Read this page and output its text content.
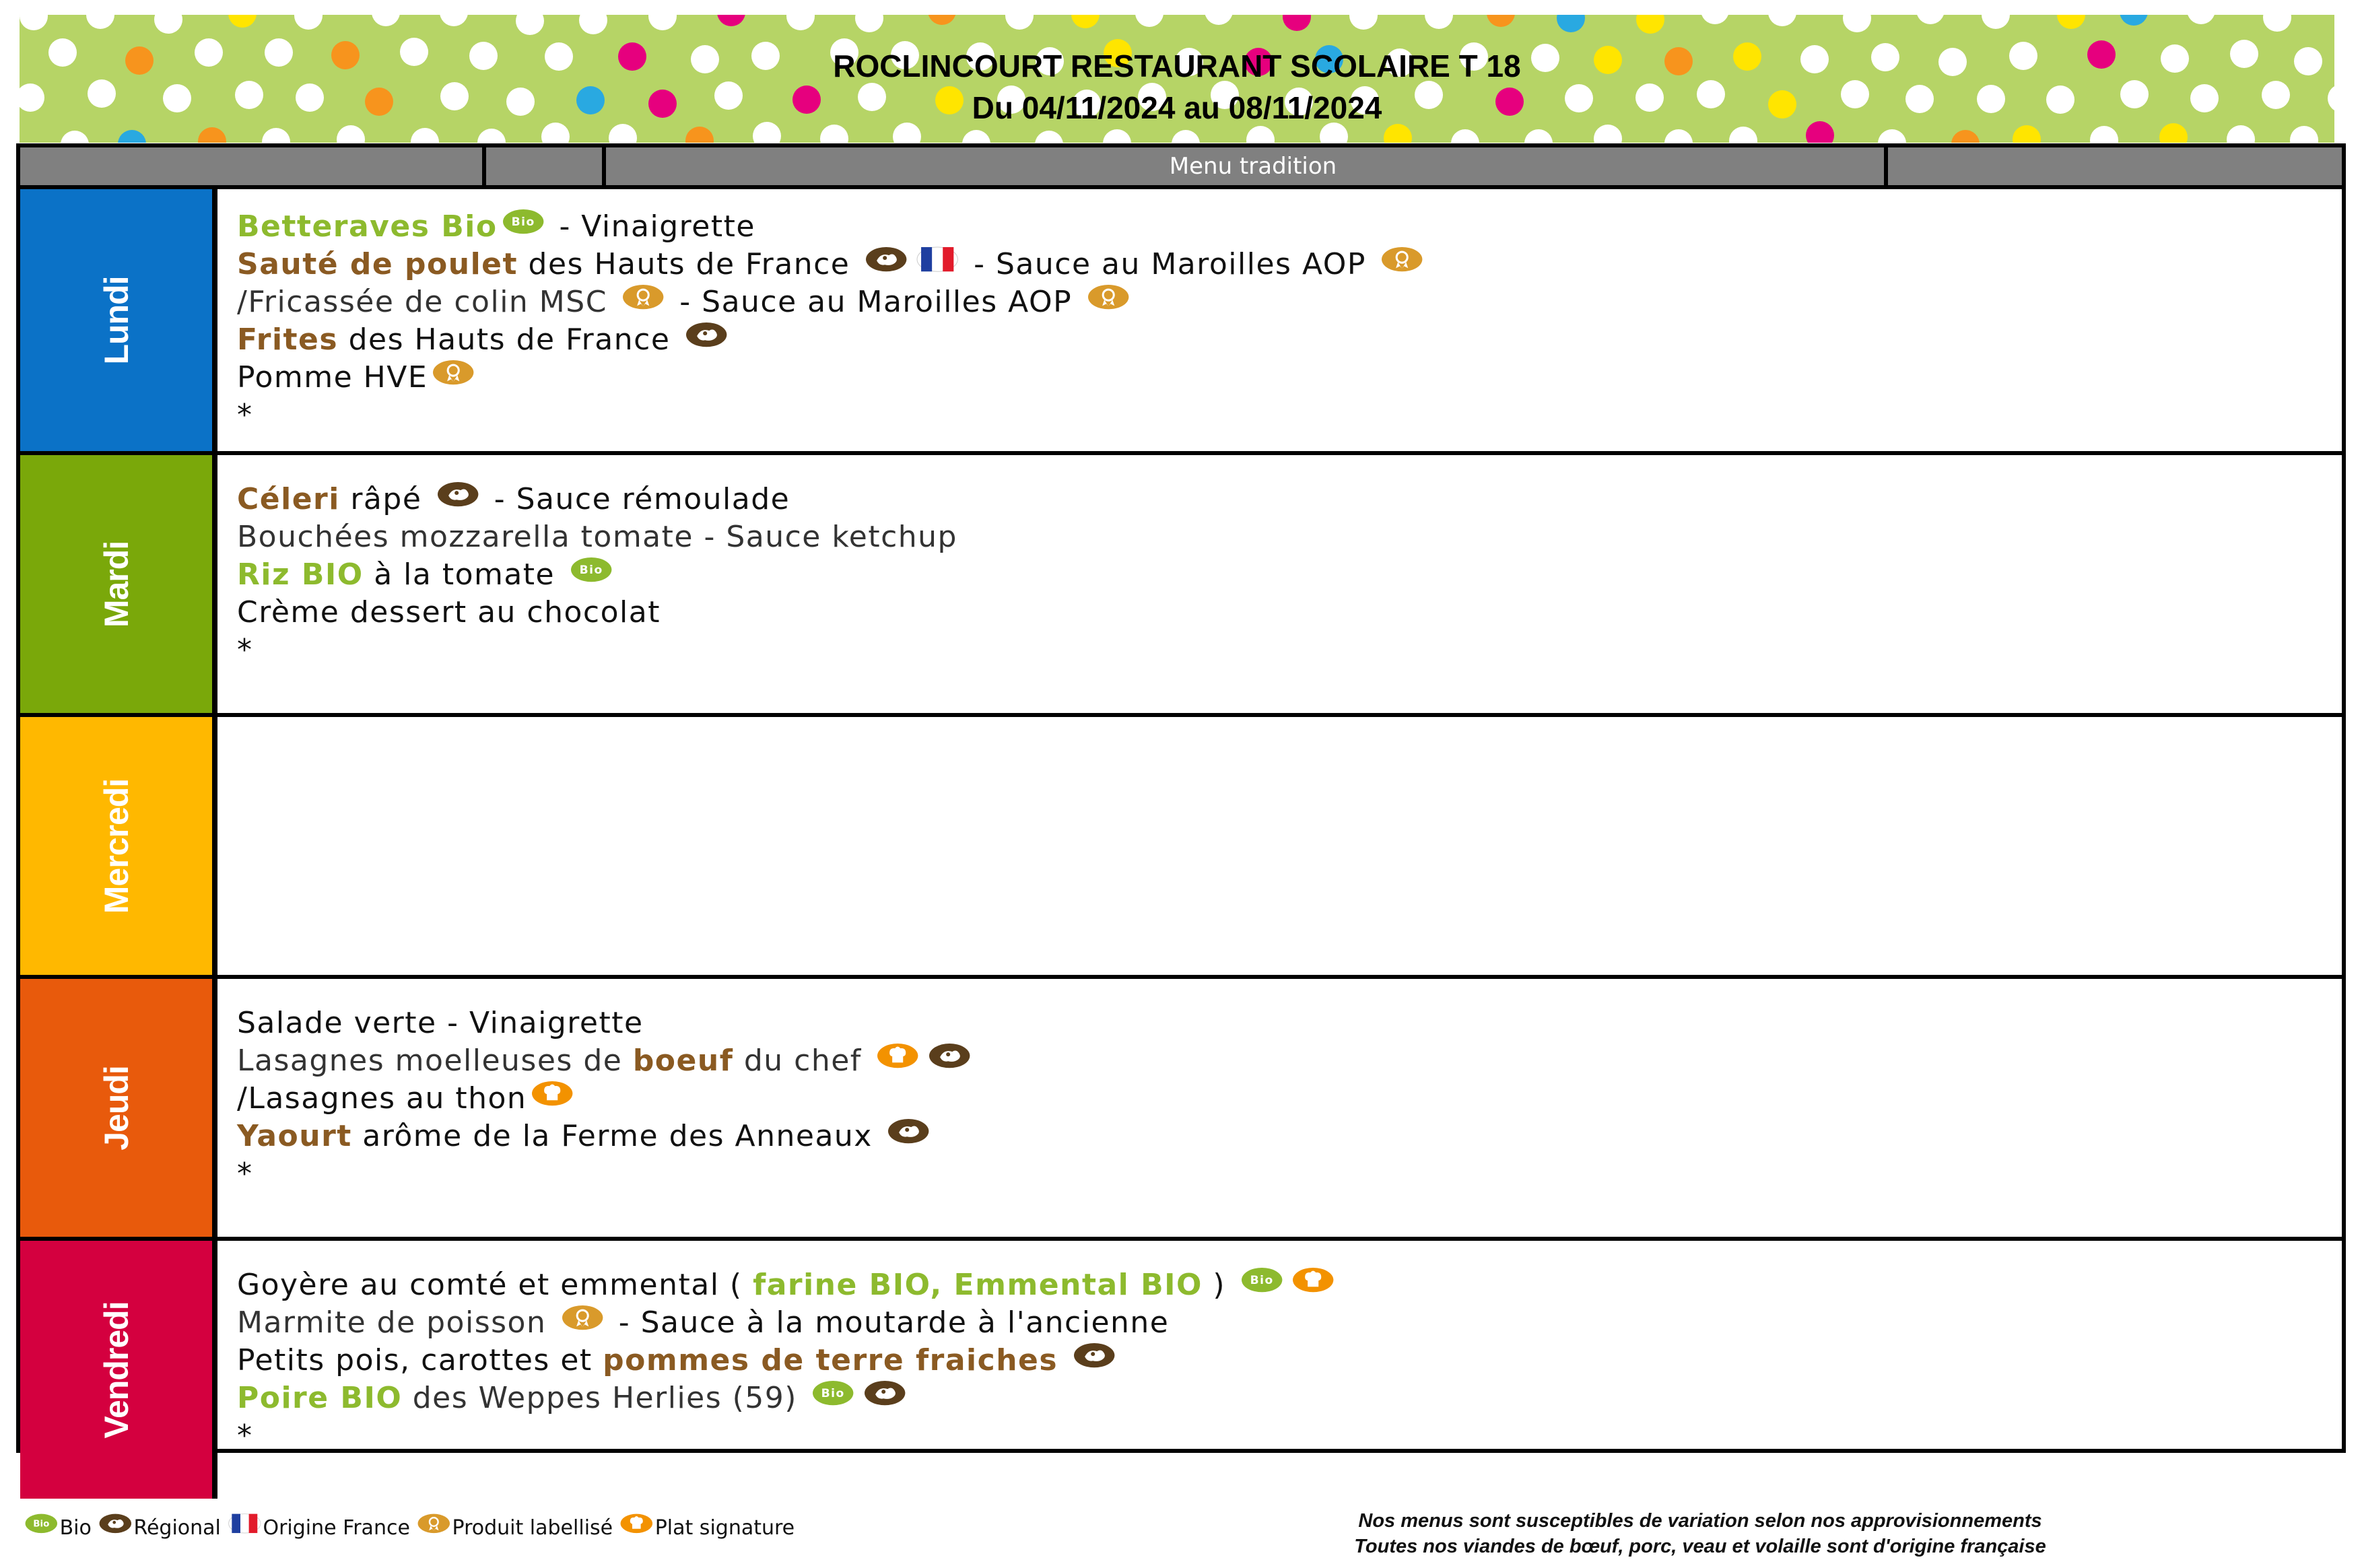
ROCLINCOURT RESTAURANT SCOLAIRE T 18
Du 04/11/2024 au 08/11/2024
Menu tradition
Lundi
Betteraves Bio Bio - Vinaigrette
Sauté de poulet des Hauts de France	- Sauce au Maroilles AOP
/Fricassée de colin MSC
- Sauce au Maroilles AOP
Frites des Hauts de France
Pomme HVE
*
Mardi
Céleri râpé
- Sauce rémoulade
Bouchées mozzarella tomate - Sauce ketchup
Riz BIO à la tomate Bio
Crème dessert au chocolat
*
Mercredi
Jeudi
Salade verte - Vinaigrette
Lasagnes moelleuses de boeuf du chef
/Lasagnes au thon
Yaourt arôme de la Ferme des Anneaux
*
Vendredi
Goyère au comté et emmental ( farine BIO, Emmental BIO ) Bio
Marmite de poisson
- Sauce à la moutarde à l'ancienne
Petits pois, carottes et pommes de terre fraiches
Poire BIO des Weppes Herlies (59) Bio
*
Bio Bio Régional Origine France Produit labellisé Plat signature	Nos menus sont susceptibles de variation selon nos approvisionnements
Toutes nos viandes de bœuf, porc, veau et volaille sont d'origine française
